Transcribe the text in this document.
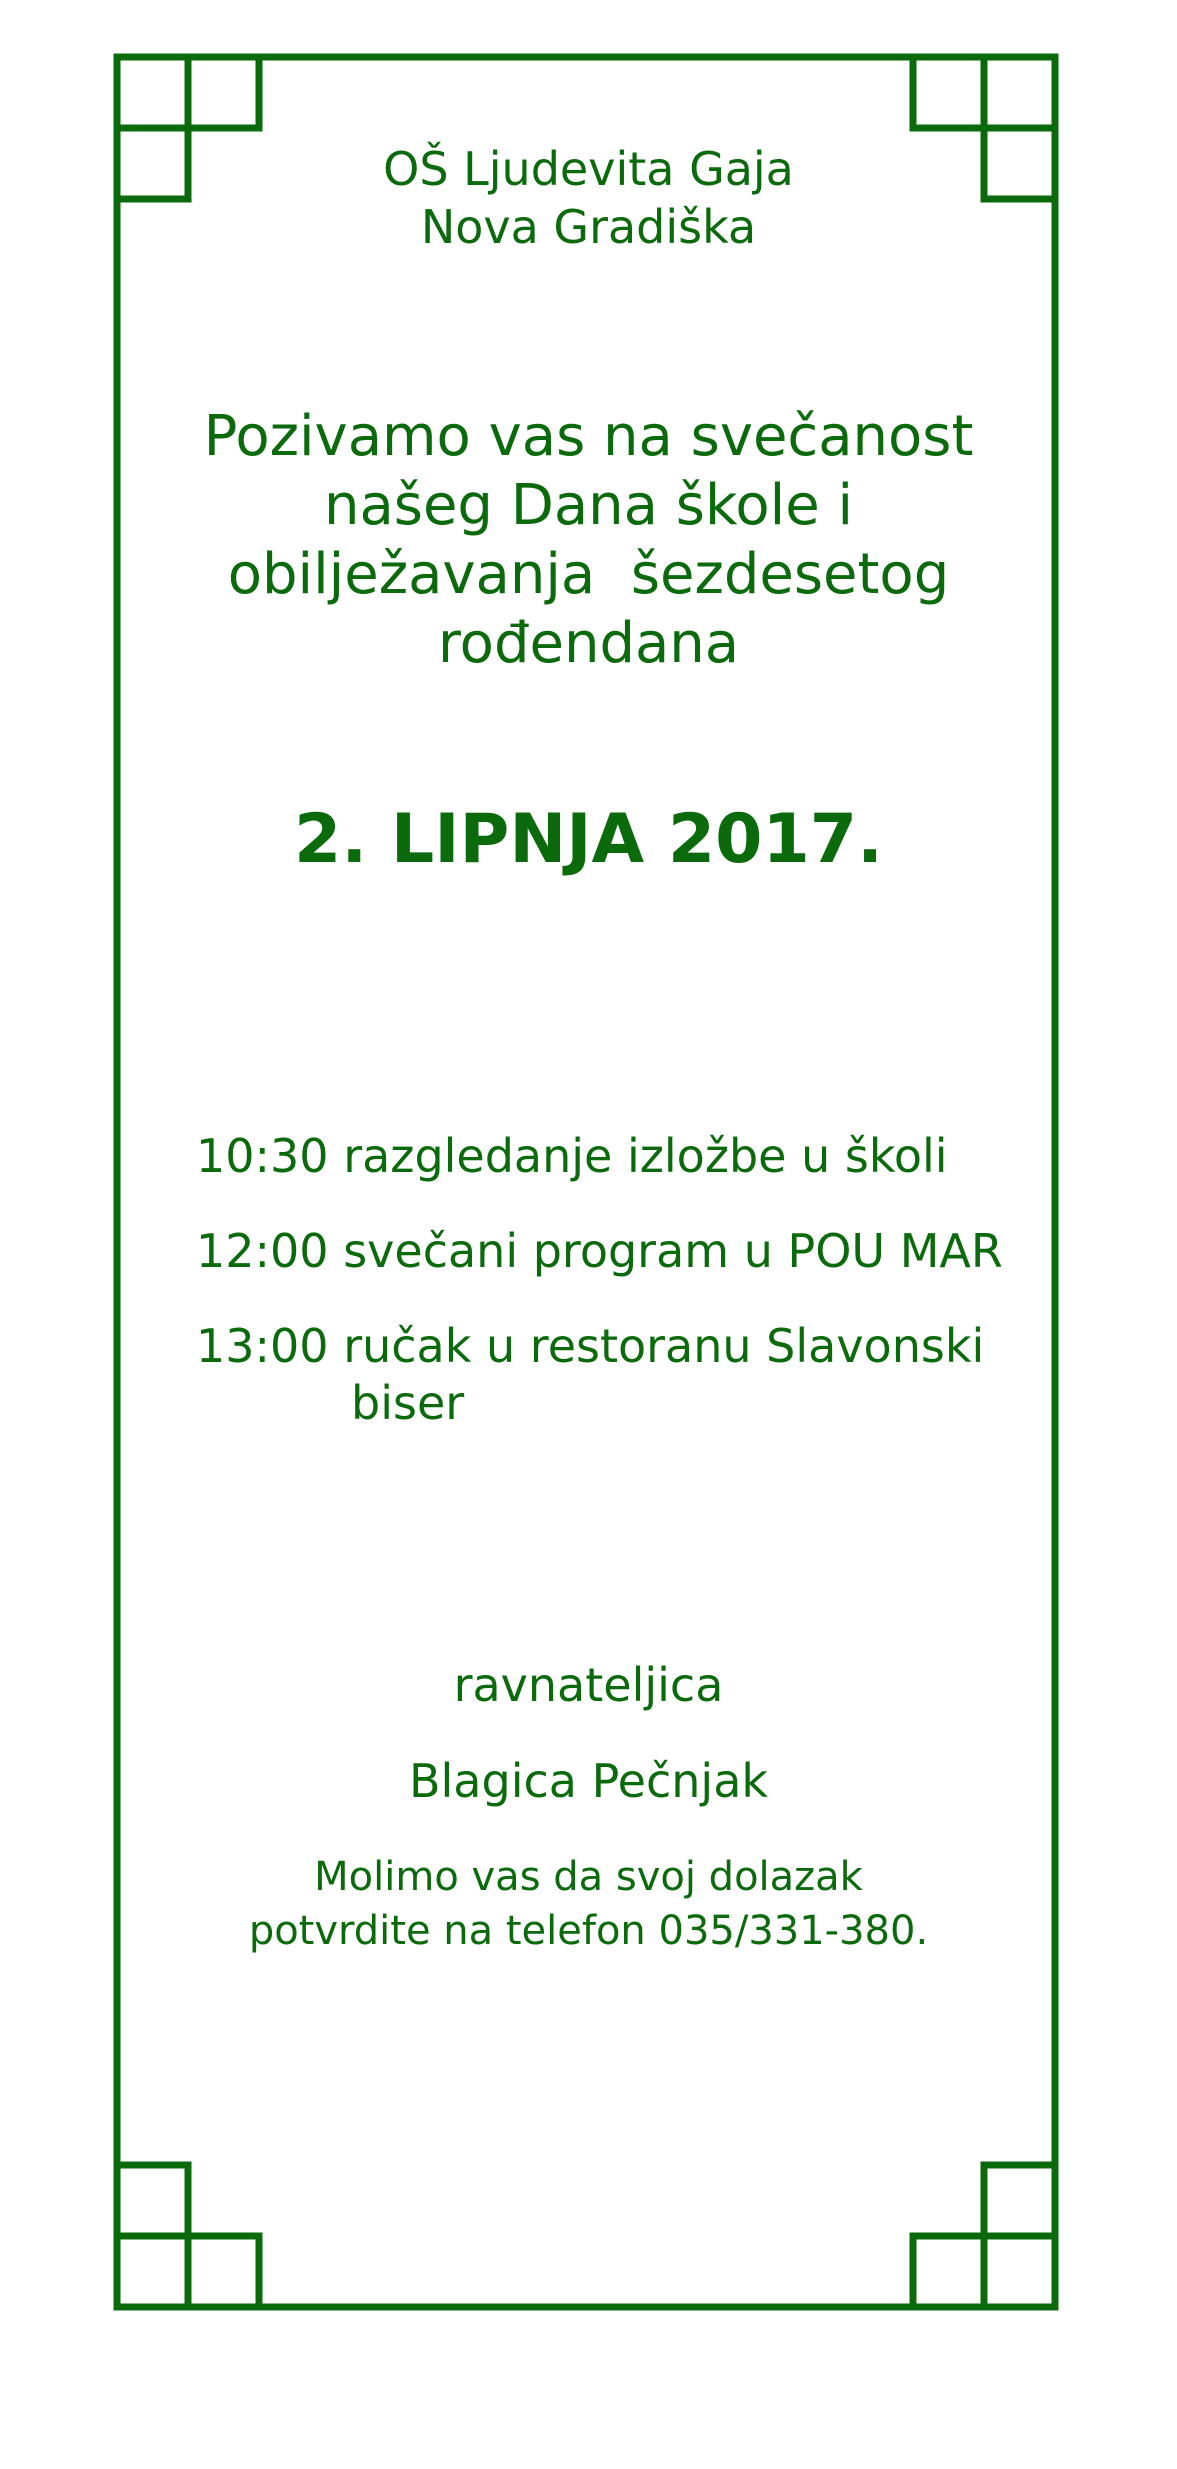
OŠ Ljudevita Gaja
Nova Gradiška
Pozivamo vas na svečanost
našeg Dana škole i
obilježavanja  šezdesetog
rođendana
2. LIPNJA 2017.
10:30 razgledanje izložbe u školi
12:00 svečani program u POU MAR
13:00 ručak u restoranu Slavonski
biser
ravnateljica
Blagica Pečnjak
Molimo vas da svoj dolazak
potvrdite na telefon 035/331-380.
